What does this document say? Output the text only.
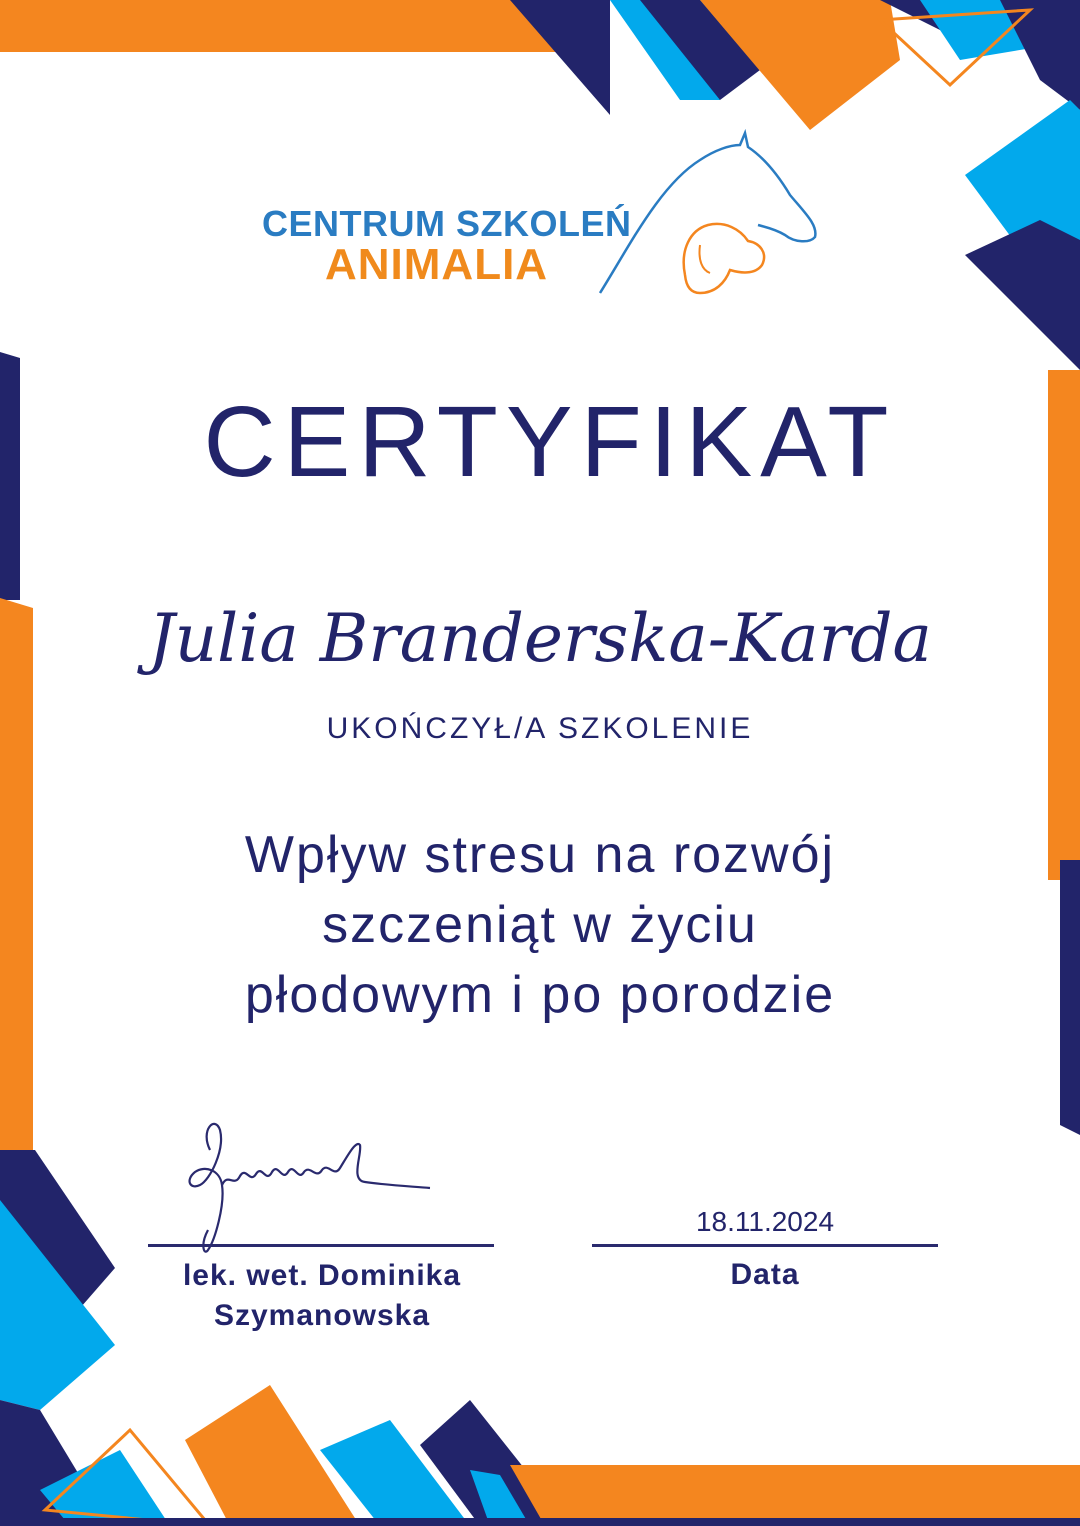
CENTRUM SZKOLEŃ
ANIMALIA
CERTYFIKAT
Julia Branderska-Karda
UKOŃCZYŁ/A SZKOLENIE
Wpływ stresu na rozwój
szczeniąt w życiu
płodowym i po porodzie
lek. wet. Dominika
Szymanowska
18.11.2024
Data
